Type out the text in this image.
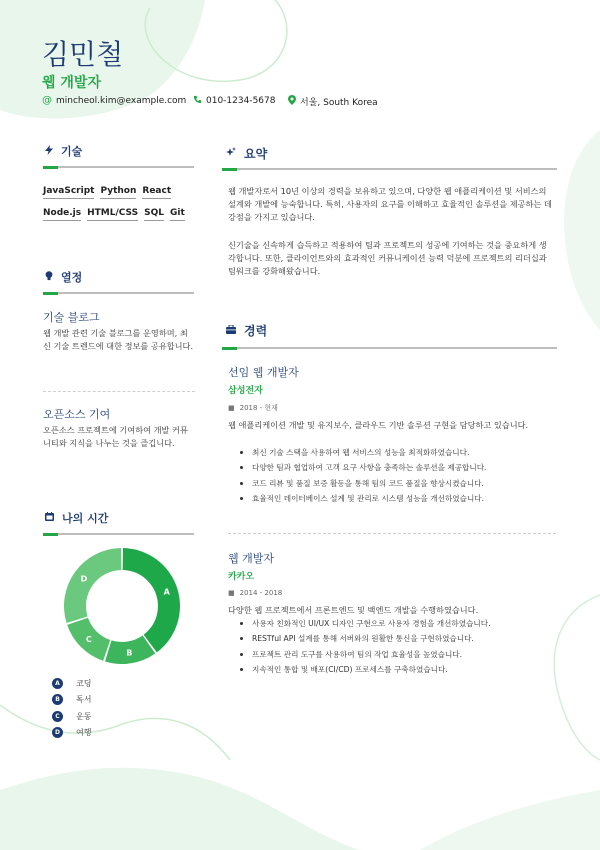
김민철
웹 개발자
@ mincheol.kim@example.com 010-1234-5678	서울, South Korea
기술
JavaScript Python React
Node.js HTML/CSS SQL Git
열정
기술 블로그
웹 개발 관련 기술 블로그를 운영하며, 최신 기술 트렌드에 대한 정보를 공유합니다.
오픈소스 기여
오픈소스 프로젝트에 기여하여 개발 커뮤니티와 지식을 나누는 것을 즐깁니다.
나의 시간
A
B
C
D
A	코딩
B	독서
C	운동
D	여행
요약
웹 개발자로서 10년 이상의 경력을 보유하고 있으며, 다양한 웹 애플리케이션 및 서비스의 설계와 개발에 능숙합니다. 특히, 사용자의 요구를 이해하고 효율적인 솔루션을 제공하는 데 강점을 가지고 있습니다.
신기술을 신속하게 습득하고 적용하여 팀과 프로젝트의 성공에 기여하는 것을 중요하게 생각합니다. 또한, 클라이언트와의 효과적인 커뮤니케이션 능력 덕분에 프로젝트의 리더십과 팀워크를 강화해왔습니다.
경력
선임 웹 개발자
삼성전자
■ 2018 - 현재
웹 애플리케이션 개발 및 유지보수, 클라우드 기반 솔루션 구현을 담당하고 있습니다.
최신 기술 스택을 사용하여 웹 서비스의 성능을 최적화하였습니다.
다양한 팀과 협업하여 고객 요구 사항을 충족하는 솔루션을 제공합니다.
코드 리뷰 및 품질 보증 활동을 통해 팀의 코드 품질을 향상시켰습니다.
효율적인 데이터베이스 설계 및 관리로 시스템 성능을 개선하였습니다.
웹 개발자
카카오
■ 2014 - 2018
다양한 웹 프로젝트에서 프론트엔드 및 백엔드 개발을 수행하였습니다.
사용자 친화적인 UI/UX 디자인 구현으로 사용자 경험을 개선하였습니다.
RESTful API 설계를 통해 서버와의 원활한 통신을 구현하였습니다.
프로젝트 관리 도구를 사용하여 팀의 작업 효율성을 높였습니다.
지속적인 통합 및 배포(CI/CD) 프로세스를 구축하였습니다.
